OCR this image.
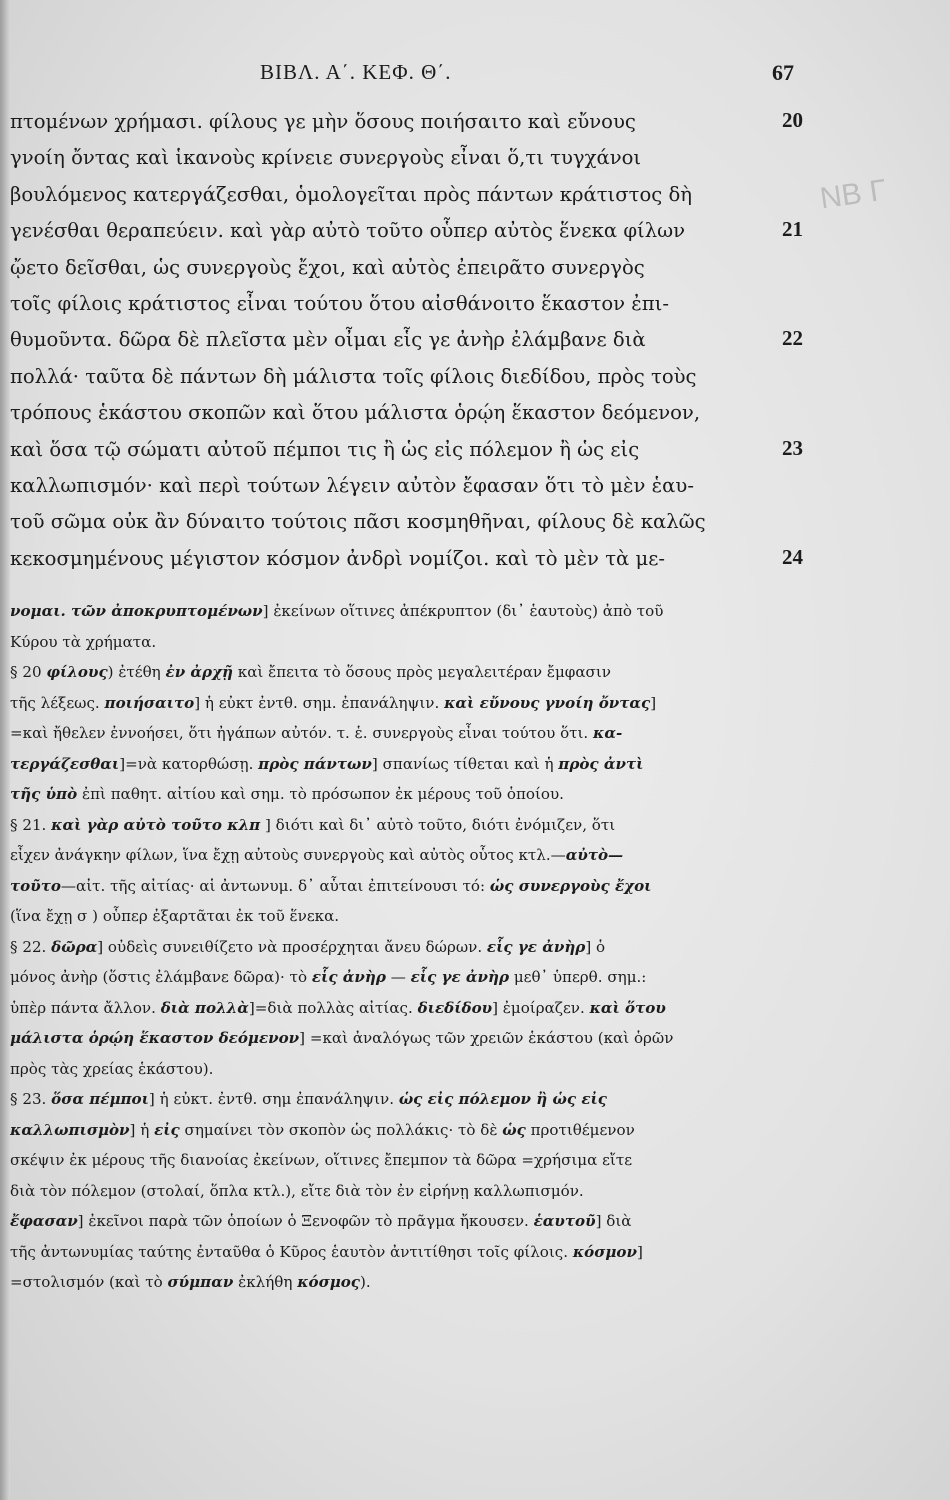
ΒΙΒΛ. Α΄. ΚΕΦ. Θ΄.	67
πτομένων χρήμασι. φίλους γε μὴν ὅσους ποιήσαιτο καὶ εὔνους
γνοίη ὄντας καὶ ἱκανοὺς κρίνειε συνεργοὺς εἶναι ὅ,τι τυγχάνοι
βουλόμενος κατεργάζεσθαι, ὁμολογεῖται πρὸς πάντων κράτιστος δὴ
γενέσθαι θεραπεύειν. καὶ γὰρ αὐτὸ τοῦτο οὗπερ αὐτὸς ἕνεκα φίλων
ᾤετο δεῖσθαι, ὡς συνεργοὺς ἔχοι, καὶ αὐτὸς ἐπειρᾶτο συνεργὸς
τοῖς φίλοις κράτιστος εἶναι τούτου ὅτου αἰσθάνοιτο ἕκαστον ἐπι-
θυμοῦντα. δῶρα δὲ πλεῖστα μὲν οἶμαι εἷς γε ἀνὴρ ἐλάμβανε διὰ
πολλά· ταῦτα δὲ πάντων δὴ μάλιστα τοῖς φίλοις διεδίδου, πρὸς τοὺς
τρόπους ἑκάστου σκοπῶν καὶ ὅτου μάλιστα ὁρῴη ἕκαστον δεόμενον,
καὶ ὅσα τῷ σώματι αὐτοῦ πέμποι τις ἢ ὡς εἰς πόλεμον ἢ ὡς εἰς
καλλωπισμόν· καὶ περὶ τούτων λέγειν αὐτὸν ἔφασαν ὅτι τὸ μὲν ἑαυ-
τοῦ σῶμα οὐκ ἂν δύναιτο τούτοις πᾶσι κοσμηθῆναι, φίλους δὲ καλῶς
κεκοσμημένους μέγιστον κόσμον ἀνδρὶ νομίζοι. καὶ τὸ μὲν τὰ με-
20
21
22
23
24
ΝΒ Γ
νομαι. τῶν ἀποκρυπτομένων] ἐκείνων οἵτινες ἀπέκρυπτον (δι᾽ ἑαυτοὺς) ἀπὸ τοῦ
Κύρου τὰ χρήματα.
§ 20 φίλους) ἐτέθη ἐν ἀρχῇ καὶ ἔπειτα τὸ ὅσους πρὸς μεγαλειτέραν ἔμφασιν
τῆς λέξεως. ποιήσαιτο] ἡ εὐκτ ἐντθ. σημ. ἐπανάληψιν. καὶ εὔνους γνοίη ὄντας]
=καὶ ἤθελεν ἐννοήσει, ὅτι ἠγάπων αὐτόν. τ. ἑ. συνεργοὺς εἶναι τούτου ὅτι. κα-
τεργάζεσθαι]=νὰ κατορθώσῃ. πρὸς πάντων] σπανίως τίθεται καὶ ἡ πρὸς ἀντὶ
τῆς ὑπὸ ἐπὶ παθητ. αἰτίου καὶ σημ. τὸ πρόσωπον ἐκ μέρους τοῦ ὁποίου.
§ 21. καὶ γὰρ αὐτὸ τοῦτο κλπ ] διότι καὶ δι᾽ αὐτὸ τοῦτο, διότι ἐνόμιζεν, ὅτι
εἶχεν ἀνάγκην φίλων, ἵνα ἔχῃ αὐτοὺς συνεργοὺς καὶ αὐτὸς οὗτος κτλ.—αὐτὸ—
τοῦτο—αἰτ. τῆς αἰτίας· αἱ ἀντωνυμ. δ᾽ αὗται ἐπιτείνουσι τό: ὡς συνεργοὺς ἔχοι
(ἵνα ἔχῃ σ ) οὗπερ ἐξαρτᾶται ἐκ τοῦ ἕνεκα.
§ 22. δῶρα] οὐδεὶς συνειθίζετο νὰ προσέρχηται ἄνευ δώρων. εἷς γε ἀνὴρ] ὁ
μόνος ἀνὴρ (ὅστις ἐλάμβανε δῶρα)· τὸ εἷς ἀνὴρ — εἷς γε ἀνὴρ μεθ᾽ ὑπερθ. σημ.:
ὑπὲρ πάντα ἄλλον. διὰ πολλὰ]=διὰ πολλὰς αἰτίας. διεδίδου] ἐμοίραζεν. καὶ ὅτου
μάλιστα ὁρῴη ἕκαστον δεόμενον] =καὶ ἀναλόγως τῶν χρειῶν ἑκάστου (καὶ ὁρῶν
πρὸς τὰς χρείας ἑκάστου).
§ 23. ὅσα πέμποι] ἡ εὐκτ. ἐντθ. σημ ἐπανάληψιν. ὡς εἰς πόλεμον ἢ ὡς εἰς
καλλωπισμὸν] ἡ εἰς σημαίνει τὸν σκοπὸν ὡς πολλάκις· τὸ δὲ ὡς προτιθέμενον
σκέψιν ἐκ μέρους τῆς διανοίας ἐκείνων, οἵτινες ἔπεμπον τὰ δῶρα =χρήσιμα εἴτε
διὰ τὸν πόλεμον (στολαί, ὅπλα κτλ.), εἴτε διὰ τὸν ἐν εἰρήνῃ καλλωπισμόν.
ἔφασαν] ἐκεῖνοι παρὰ τῶν ὁποίων ὁ Ξενοφῶν τὸ πρᾶγμα ἤκουσεν. ἑαυτοῦ] διὰ
τῆς ἀντωνυμίας ταύτης ἐνταῦθα ὁ Κῦρος ἑαυτὸν ἀντιτίθησι τοῖς φίλοις. κόσμον]
=στολισμόν (καὶ τὸ σύμπαν ἐκλήθη κόσμος).
